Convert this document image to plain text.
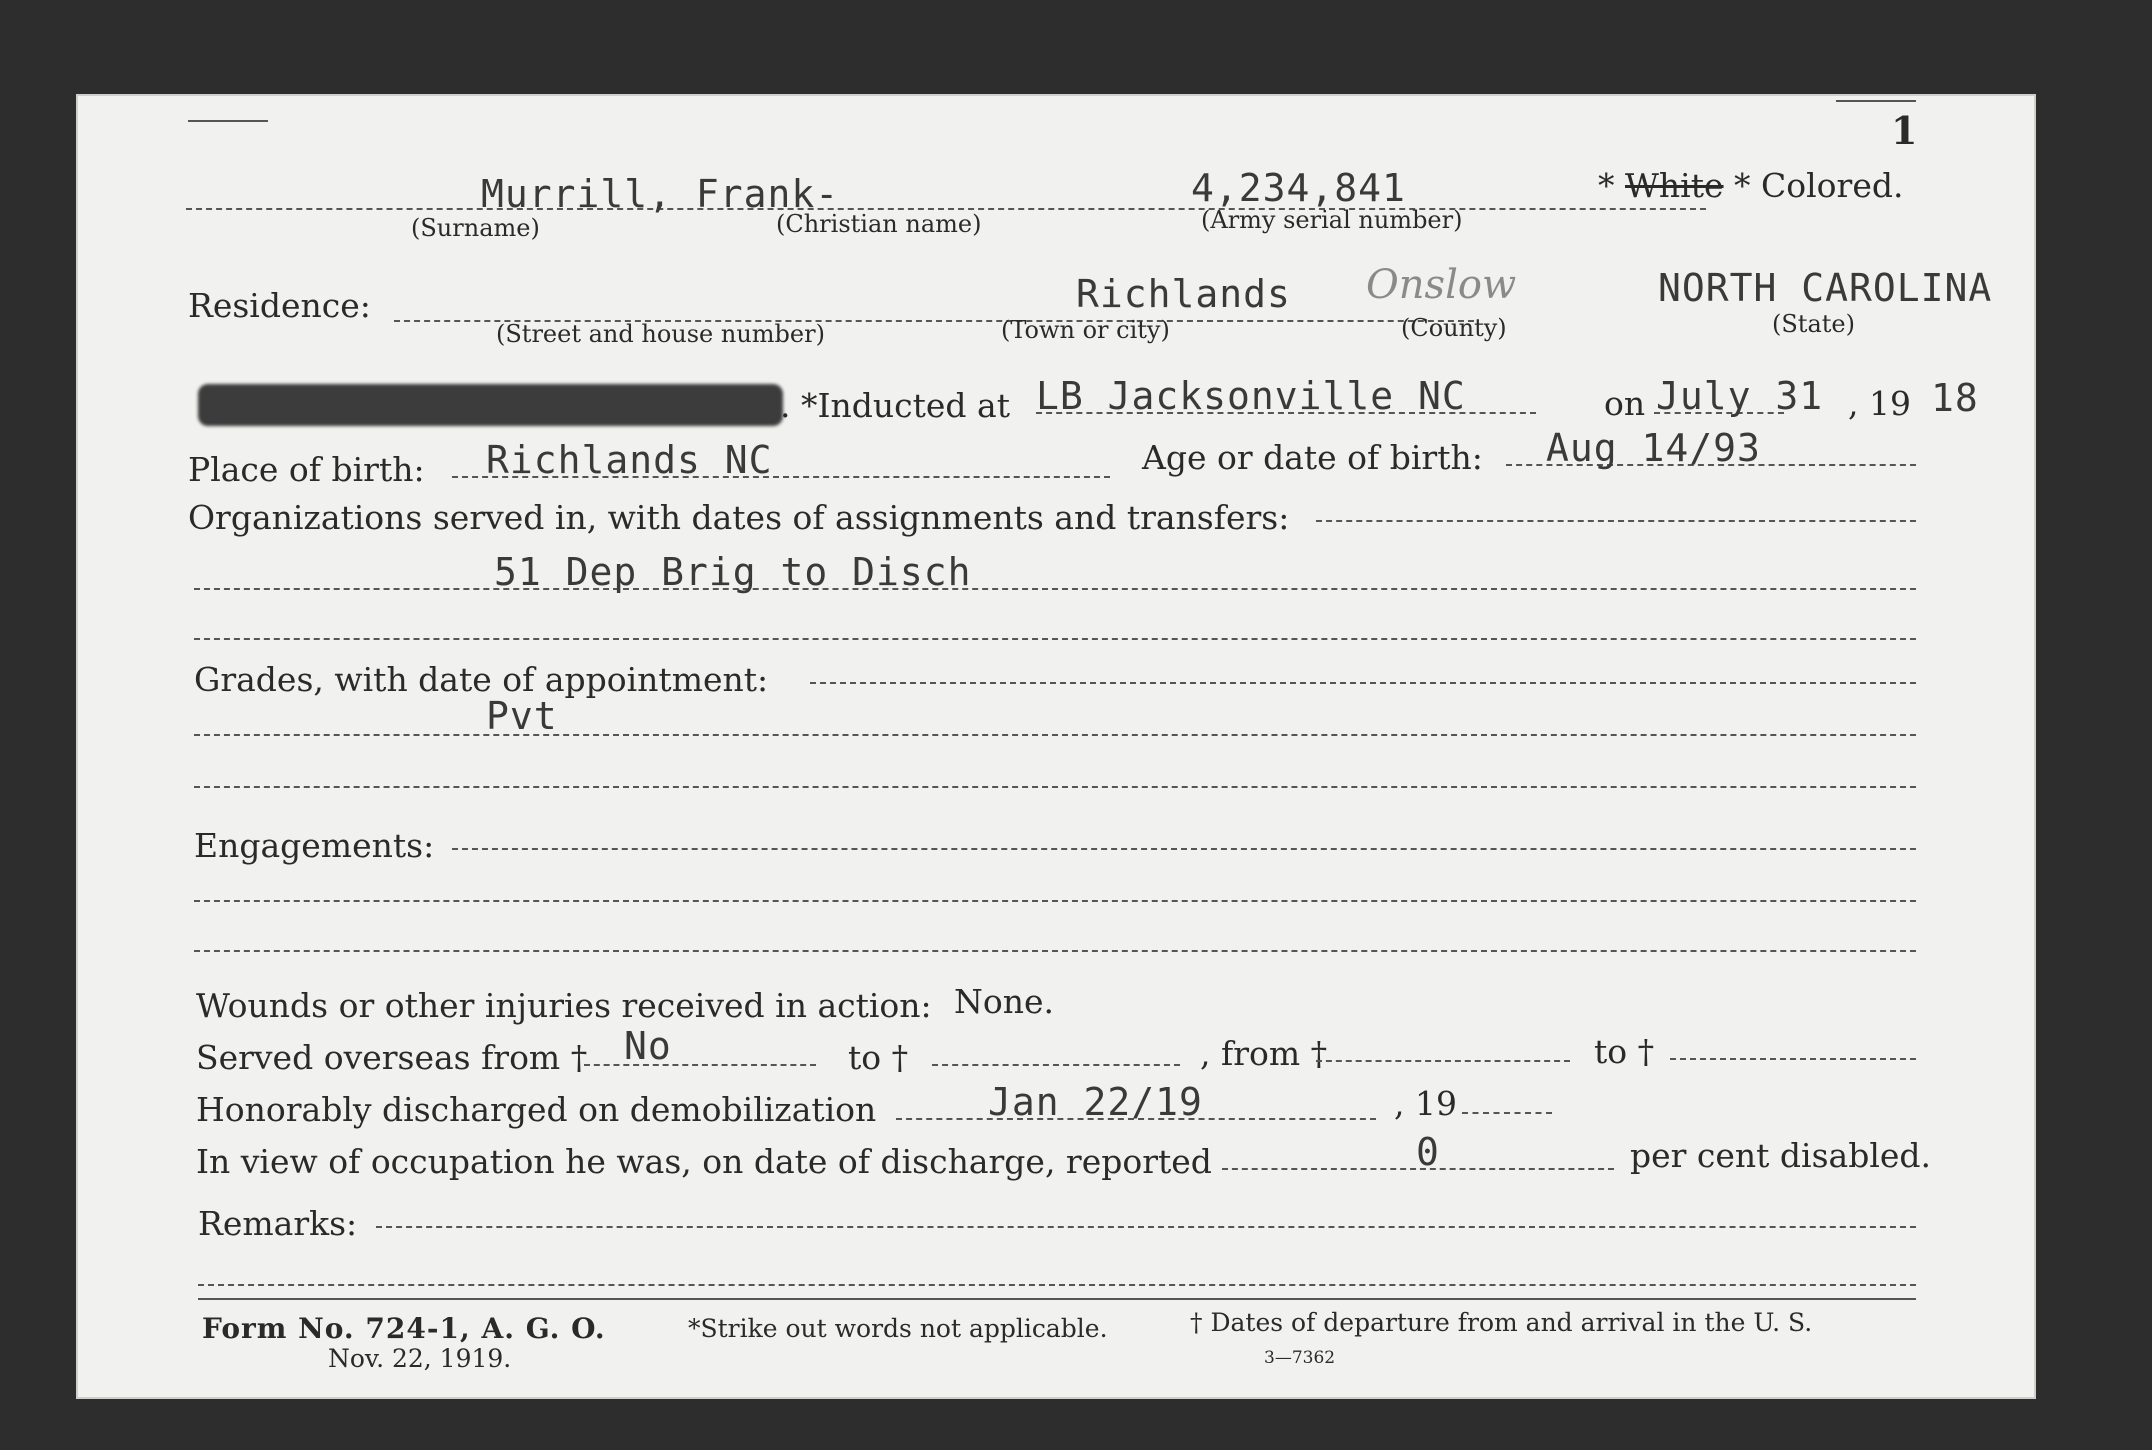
1
Murrill, Frank-	4,234,841
(Surname)	(Christian name)	(Army serial number)
* White * Colored.
Residence:	Richlands Onslow	NORTH CAROLINA
(Street and house number)	(Town or city)	(County)	(State)
. *Inducted at LB Jacksonville NC	on July 31 , 19 18
Place of birth: Richlands NC	Age or date of birth: Aug 14/93
Organizations served in, with dates of assignments and transfers:
51 Dep Brig to Disch
Grades, with date of appointment:
Pvt
Engagements:
Wounds or other injuries received in action: None.
Served overseas from † No	to †	, from †	to †
Honorably discharged on demobilization	Jan 22/19	, 19
In view of occupation he was, on date of discharge, reported	0	per cent disabled.
Remarks:
Form No. 724-1, A. G. O.
Nov. 22, 1919.
*Strike out words not applicable.	† Dates of departure from and arrival in the U. S.
3—7362
